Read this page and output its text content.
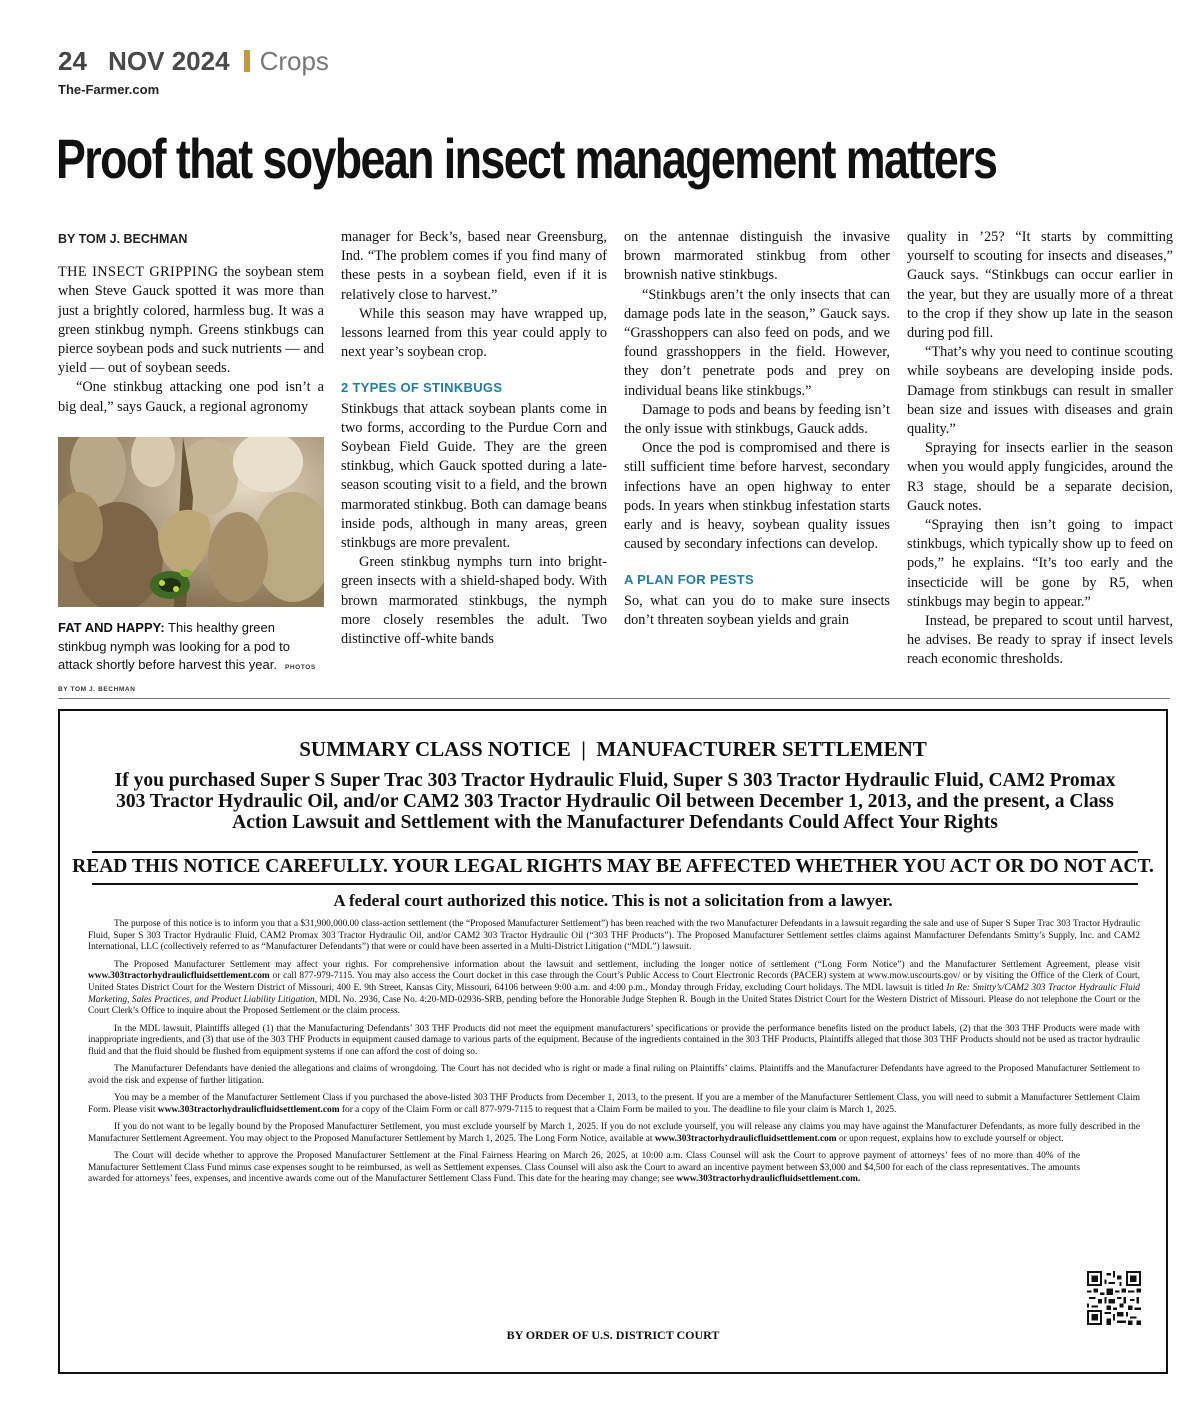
24 NOV 2024 Crops
The-Farmer.com
Proof that soybean insect management matters
BY TOM J. BECHMAN

THE INSECT GRIPPING the soybean stem when Steve Gauck spotted it was more than just a brightly colored, harmless bug. It was a green stinkbug nymph. Greens stinkbugs can pierce soybean pods and suck nutrients — and yield — out of soybean seeds.

“One stinkbug attacking one pod isn’t a big deal,” says Gauck, a regional agronomy

FAT AND HAPPY: This healthy green stinkbug nymph was looking for a pod to attack shortly before harvest this year. PHOTOS BY TOM J. BECHMAN

manager for Beck’s, based near Greensburg, Ind. “The problem comes if you find many of these pests in a soybean field, even if it is relatively close to harvest.”

While this season may have wrapped up, lessons learned from this year could apply to next year’s soybean crop.

2 TYPES OF STINKBUGS

Stinkbugs that attack soybean plants come in two forms, according to the Purdue Corn and Soybean Field Guide. They are the green stinkbug, which Gauck spotted during a late-season scouting visit to a field, and the brown marmorated stinkbug. Both can damage beans inside pods, although in many areas, green stinkbugs are more prevalent.

Green stinkbug nymphs turn into bright-green insects with a shield-shaped body. With brown marmorated stinkbugs, the nymph more closely resembles the adult. Two distinctive off-white bands

on the antennae distinguish the invasive brown marmorated stinkbug from other brownish native stinkbugs.

“Stinkbugs aren’t the only insects that can damage pods late in the season,” Gauck says. “Grasshoppers can also feed on pods, and we found grasshoppers in the field. However, they don’t penetrate pods and prey on individual beans like stinkbugs.”

Damage to pods and beans by feeding isn’t the only issue with stinkbugs, Gauck adds.

Once the pod is compromised and there is still sufficient time before harvest, secondary infections have an open highway to enter pods. In years when stinkbug infestation starts early and is heavy, soybean quality issues caused by secondary infections can develop.

A PLAN FOR PESTS

So, what can you do to make sure insects don’t threaten soybean yields and grain

quality in ’25? “It starts by committing yourself to scouting for insects and diseases,” Gauck says. “Stinkbugs can occur earlier in the year, but they are usually more of a threat to the crop if they show up late in the season during pod fill.

“That’s why you need to continue scouting while soybeans are developing inside pods. Damage from stinkbugs can result in smaller bean size and issues with diseases and grain quality.”

Spraying for insects earlier in the season when you would apply fungicides, around the R3 stage, should be a separate decision, Gauck notes.

“Spraying then isn’t going to impact stinkbugs, which typically show up to feed on pods,” he explains. “It’s too early and the insecticide will be gone by R5, when stinkbugs may begin to appear.”

Instead, be prepared to scout until harvest, he advises. Be ready to spray if insect levels reach economic thresholds.

SUMMARY CLASS NOTICE  |  MANUFACTURER SETTLEMENT
If you purchased Super S Super Trac 303 Tractor Hydraulic Fluid, Super S 303 Tractor Hydraulic Fluid, CAM2 Promax 303 Tractor Hydraulic Oil, and/or CAM2 303 Tractor Hydraulic Oil between December 1, 2013, and the present, a Class Action Lawsuit and Settlement with the Manufacturer Defendants Could Affect Your Rights
READ THIS NOTICE CAREFULLY. YOUR LEGAL RIGHTS MAY BE AFFECTED WHETHER YOU ACT OR DO NOT ACT.
A federal court authorized this notice. This is not a solicitation from a lawyer.

The purpose of this notice is to inform you that a $31,900,000.00 class-action settlement (the “Proposed Manufacturer Settlement”) has been reached with the two Manufacturer Defendants in a lawsuit regarding the sale and use of Super S Super Trac 303 Tractor Hydraulic Fluid, Super S 303 Tractor Hydraulic Fluid, CAM2 Promax 303 Tractor Hydraulic Oil, and/or CAM2 303 Tractor Hydraulic Oil (“303 THF Products”). The Proposed Manufacturer Settlement settles claims against Manufacturer Defendants Smitty’s Supply, Inc. and CAM2 International, LLC (collectively referred to as “Manufacturer Defendants”) that were or could have been asserted in a Multi-District Litigation (“MDL”) lawsuit.

The Proposed Manufacturer Settlement may affect your rights. For comprehensive information about the lawsuit and settlement, including the longer notice of settlement (“Long Form Notice”) and the Manufacturer Settlement Agreement, please visit www.303tractorhydraulicfluidsettlement.com or call 877-979-7115. You may also access the Court docket in this case through the Court’s Public Access to Court Electronic Records (PACER) system at www.mow.uscourts.gov/ or by visiting the Office of the Clerk of Court, United States District Court for the Western District of Missouri, 400 E. 9th Street, Kansas City, Missouri, 64106 between 9:00 a.m. and 4:00 p.m., Monday through Friday, excluding Court holidays. The MDL lawsuit is titled In Re: Smitty’s/CAM2 303 Tractor Hydraulic Fluid Marketing, Sales Practices, and Product Liability Litigation, MDL No. 2936, Case No. 4:20-MD-02936-SRB, pending before the Honorable Judge Stephen R. Bough in the United States District Court for the Western District of Missouri. Please do not telephone the Court or the Court Clerk’s Office to inquire about the Proposed Settlement or the claim process.

In the MDL lawsuit, Plaintiffs alleged (1) that the Manufacturing Defendants’ 303 THF Products did not meet the equipment manufacturers’ specifications or provide the performance benefits listed on the product labels, (2) that the 303 THF Products were made with inappropriate ingredients, and (3) that use of the 303 THF Products in equipment caused damage to various parts of the equipment. Because of the ingredients contained in the 303 THF Products, Plaintiffs alleged that those 303 THF Products should not be used as tractor hydraulic fluid and that the fluid should be flushed from equipment systems if one can afford the cost of doing so.

The Manufacturer Defendants have denied the allegations and claims of wrongdoing. The Court has not decided who is right or made a final ruling on Plaintiffs’ claims. Plaintiffs and the Manufacturer Defendants have agreed to the Proposed Manufacturer Settlement to avoid the risk and expense of further litigation.

You may be a member of the Manufacturer Settlement Class if you purchased the above-listed 303 THF Products from December 1, 2013, to the present. If you are a member of the Manufacturer Settlement Class, you will need to submit a Manufacturer Settlement Claim Form. Please visit www.303tractorhydraulicfluidsettlement.com for a copy of the Claim Form or call 877-979-7115 to request that a Claim Form be mailed to you. The deadline to file your claim is March 1, 2025.

If you do not want to be legally bound by the Proposed Manufacturer Settlement, you must exclude yourself by March 1, 2025. If you do not exclude yourself, you will release any claims you may have against the Manufacturer Defendants, as more fully described in the Manufacturer Settlement Agreement. You may object to the Proposed Manufacturer Settlement by March 1, 2025. The Long Form Notice, available at www.303tractorhydraulicfluidsettlement.com or upon request, explains how to exclude yourself or object.

The Court will decide whether to approve the Proposed Manufacturer Settlement at the Final Fairness Hearing on March 26, 2025, at 10:00 a.m. Class Counsel will ask the Court to approve payment of attorneys’ fees of no more than 40% of the Manufacturer Settlement Class Fund minus case expenses sought to be reimbursed, as well as Settlement expenses. Class Counsel will also ask the Court to award an incentive payment between $3,000 and $4,500 for each of the class representatives. The amounts awarded for attorneys’ fees, expenses, and incentive awards come out of the Manufacturer Settlement Class Fund. This date for the hearing may change; see www.303tractorhydraulicfluidsettlement.com.

BY ORDER OF U.S. DISTRICT COURT
